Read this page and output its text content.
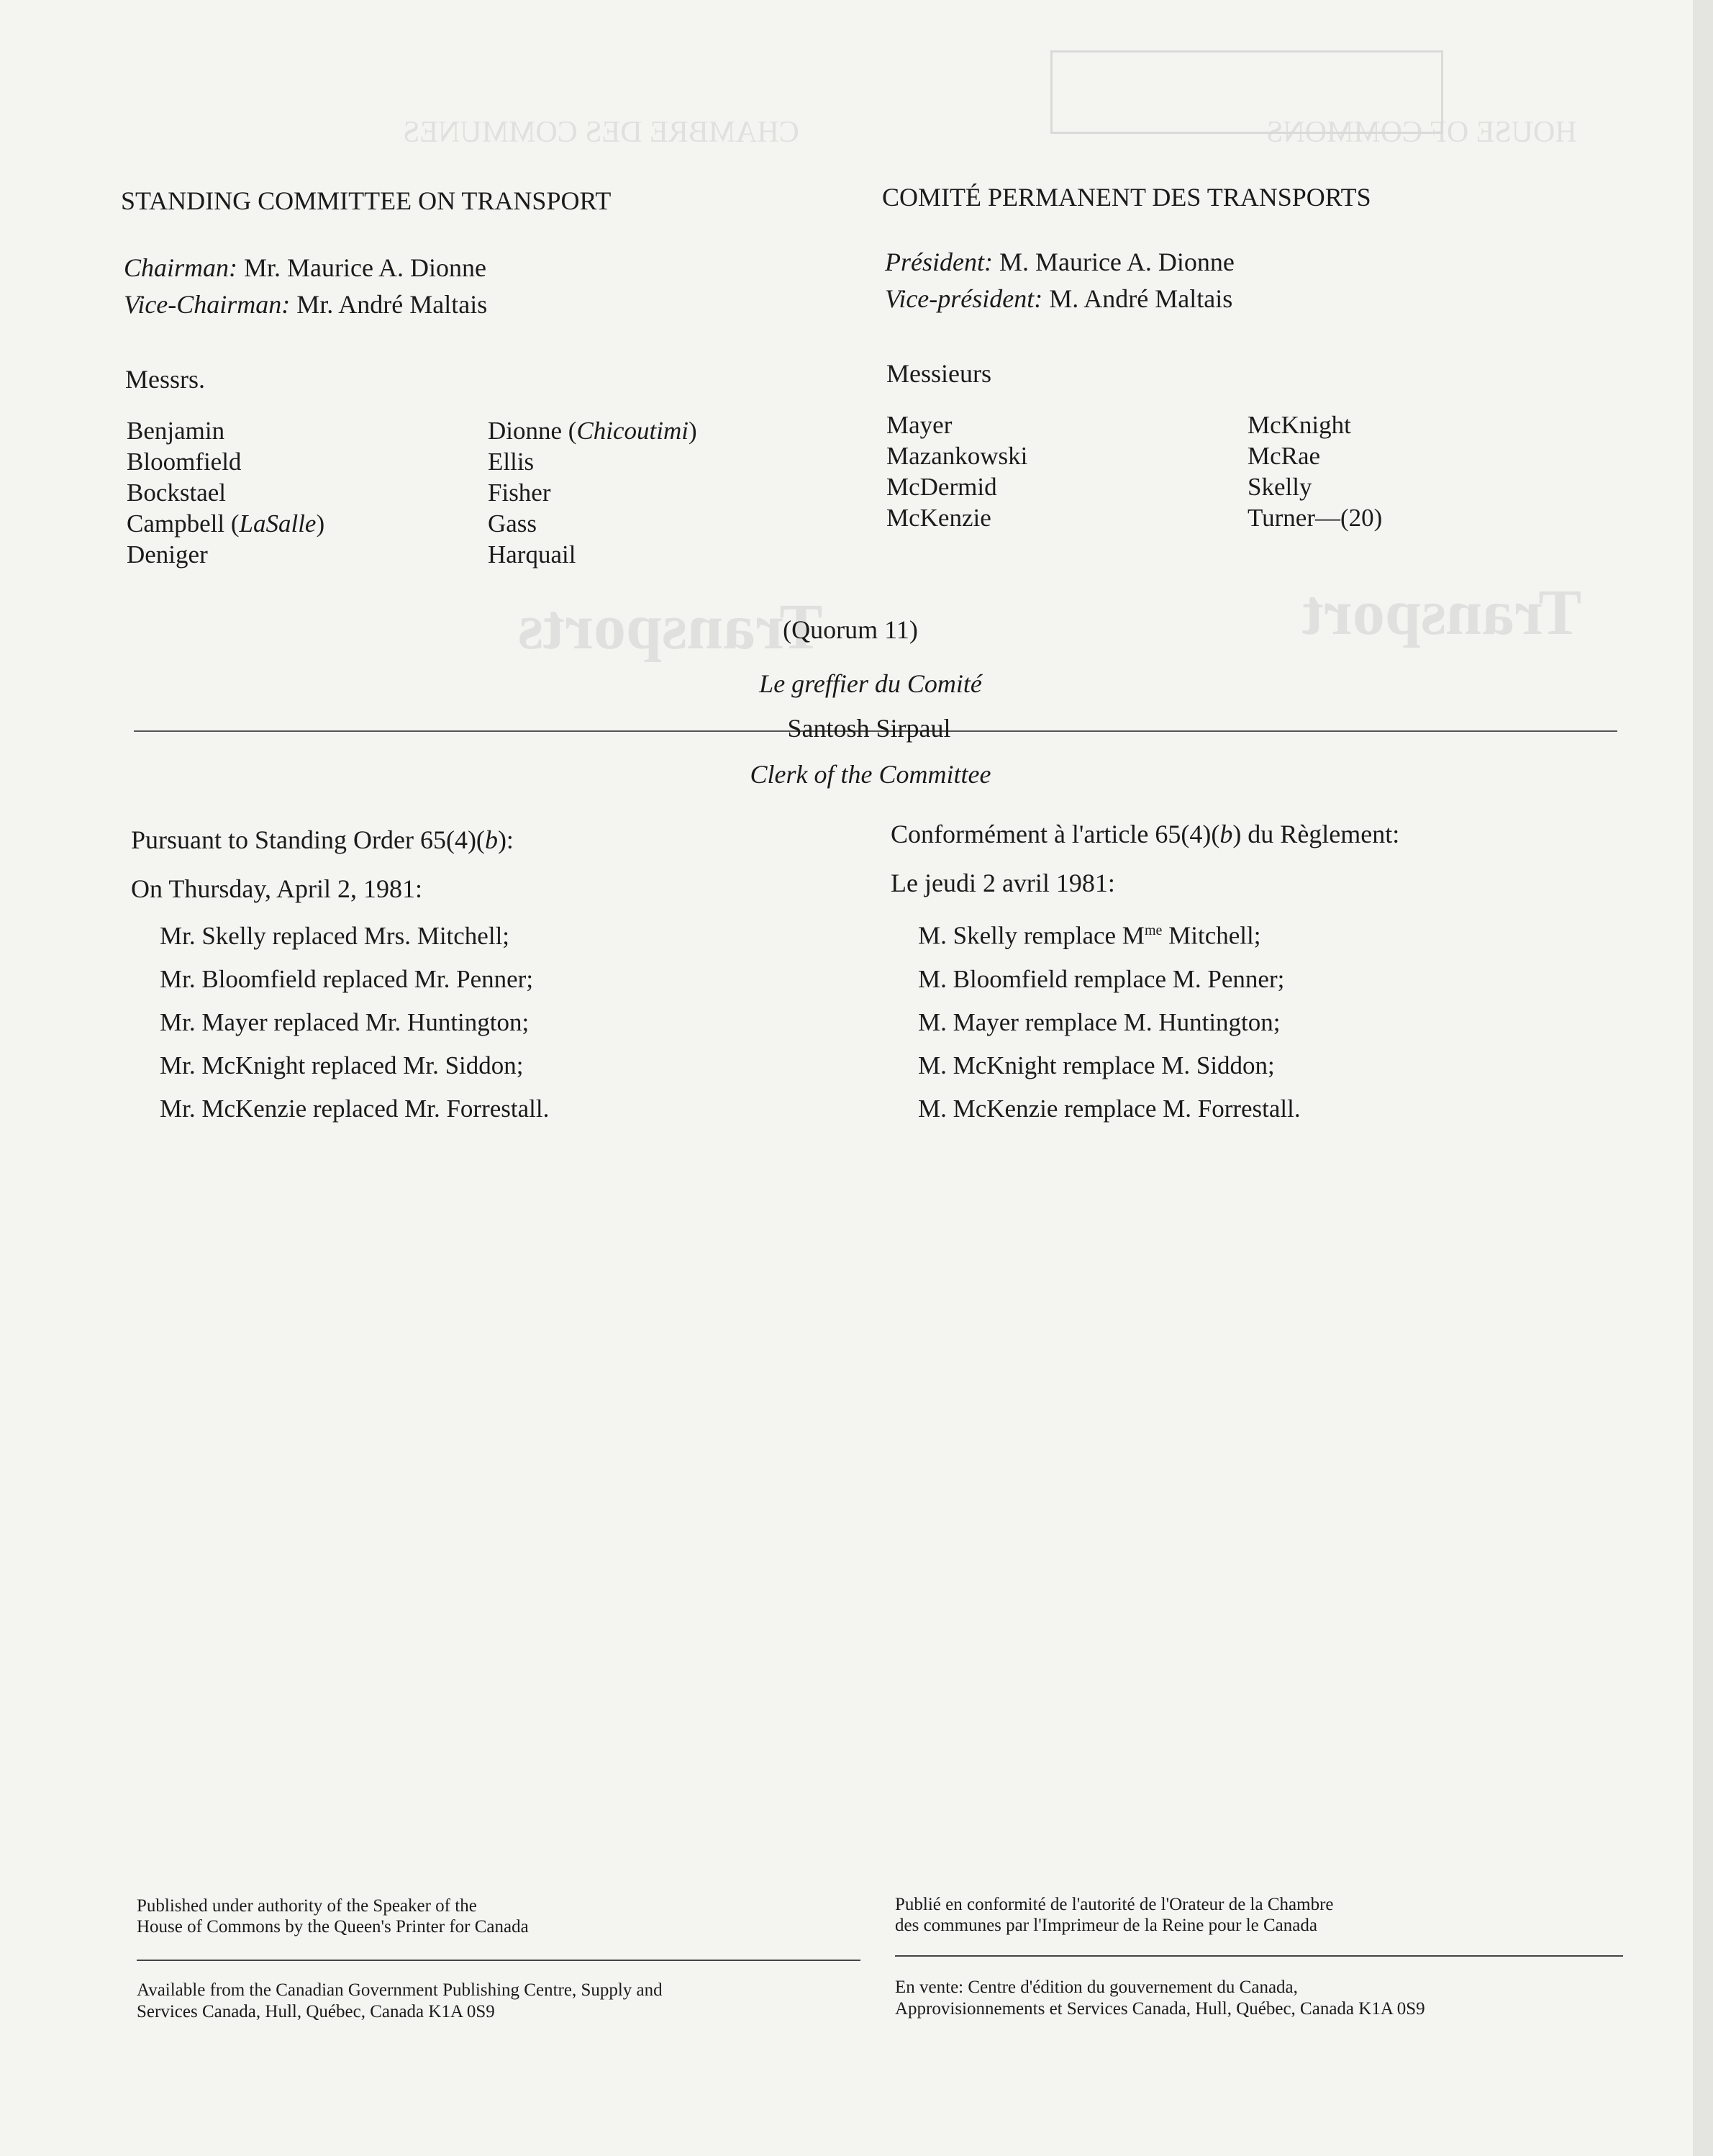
CHAMBRE DES COMMUNES	HOUSE OF COMMONS
Transports	Transport
STANDING COMMITTEE ON TRANSPORT
Chairman: Mr. Maurice A. Dionne
Vice-Chairman: Mr. André Maltais
Messrs.
Benjamin
Bloomfield
Bockstael
Campbell (LaSalle)
Deniger
Dionne (Chicoutimi)
Ellis
Fisher
Gass
Harquail
COMITÉ PERMANENT DES TRANSPORTS
Président: M. Maurice A. Dionne
Vice-président: M. André Maltais
Messieurs
Mayer
Mazankowski
McDermid
McKenzie
McKnight
McRae
Skelly
Turner—(20)
(Quorum 11)
Le greffier du Comité
Santosh Sirpaul
Clerk of the Committee
Pursuant to Standing Order 65(4)(b):
On Thursday, April 2, 1981:
Mr. Skelly replaced Mrs. Mitchell;
Mr. Bloomfield replaced Mr. Penner;
Mr. Mayer replaced Mr. Huntington;
Mr. McKnight replaced Mr. Siddon;
Mr. McKenzie replaced Mr. Forrestall.
Conformément à l'article 65(4)(b) du Règlement:
Le jeudi 2 avril 1981:
M. Skelly remplace $M^{me}$ Mitchell;
M. Bloomfield remplace M. Penner;
M. Mayer remplace M. Huntington;
M. McKnight remplace M. Siddon;
M. McKenzie remplace M. Forrestall.
Published under authority of the Speaker of the
House of Commons by the Queen's Printer for Canada
Publié en conformité de l'autorité de l'Orateur de la Chambre
des communes par l'Imprimeur de la Reine pour le Canada
Available from the Canadian Government Publishing Centre, Supply and
Services Canada, Hull, Québec, Canada K1A 0S9
En vente: Centre d'édition du gouvernement du Canada,
Approvisionnements et Services Canada, Hull, Québec, Canada K1A 0S9
